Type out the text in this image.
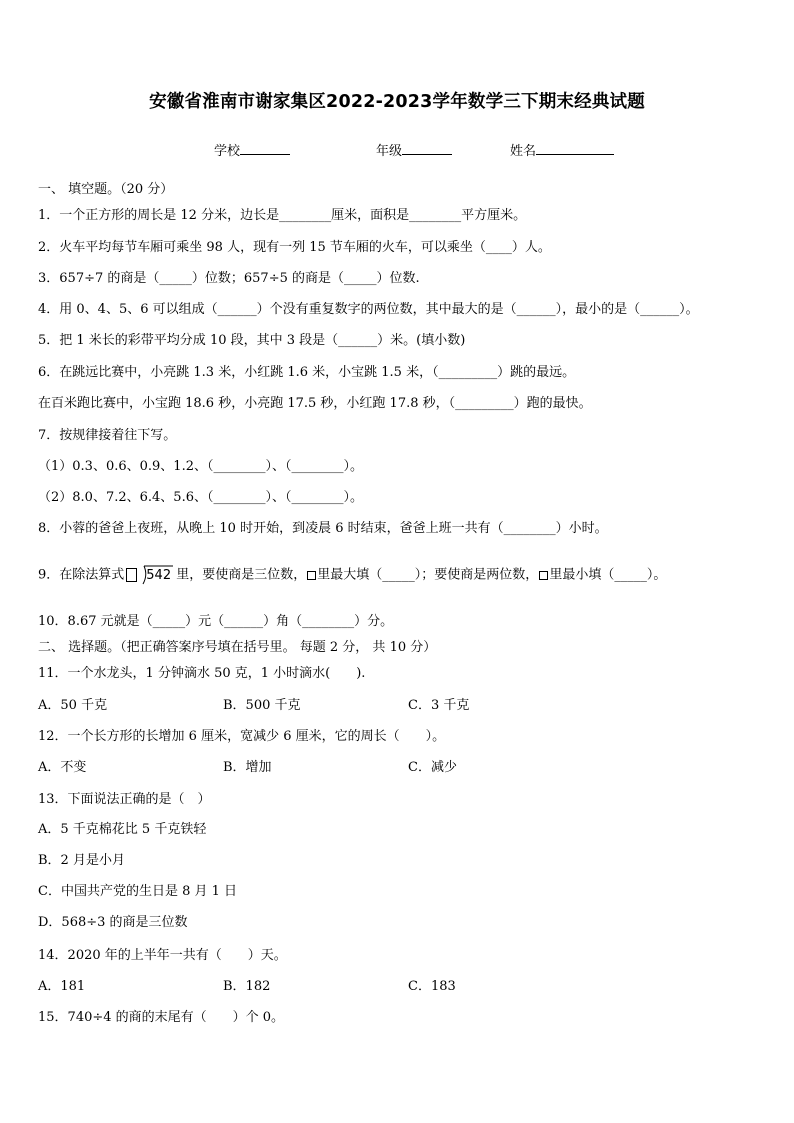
安徽省淮南市谢家集区2022-2023学年数学三下期末经典试题
学校	年级	姓名
一、 填空题。（20 分）
1．一个正方形的周长是 12 分米，边长是________厘米，面积是________平方厘米。
2．火车平均每节车厢可乘坐 98 人，现有一列 15 节车厢的火车，可以乘坐（____）人。
3．657÷7 的商是（_____）位数；657÷5 的商是（_____）位数.
4．用 0、4、5、6 可以组成（______）个没有重复数字的两位数，其中最大的是（______），最小的是（______）。
5．把 1 米长的彩带平均分成 10 段，其中 3 段是（______）米。(填小数)
6．在跳远比赛中，小亮跳 1.3 米，小红跳 1.6 米，小宝跳 1.5 米，（_________）跳的最远。
在百米跑比赛中，小宝跑 18.6 秒，小亮跑 17.5 秒，小红跑 17.8 秒，（_________）跑的最快。
7．按规律接着往下写。
（1）0.3、0.6、0.9、1.2、（________）、（________）。
（2）8.0、7.2、6.4、5.6、（________）、（________）。
8．小蓉的爸爸上夜班，从晚上 10 时开始，到凌晨 6 时结束，爸爸上班一共有（________）小时。
9．在除法算式 542 里，要使商是三位数， 里最大填（_____）；要使商是两位数， 里最小填（_____）。
10．8.67 元就是（_____）元（______）角（________）分。
二、 选择题。（把正确答案序号填在括号里。 每题 2 分， 共 10 分）
11．一个水龙头，1 分钟滴水 50 克，1 小时滴水(　　).
A．50 千克	B．500 千克	C．3 千克
12．一个长方形的长增加 6 厘米，宽减少 6 厘米，它的周长（　　）。
A．不变	B．增加	C．减少
13．下面说法正确的是（　）
A．5 千克棉花比 5 千克铁轻
B．2 月是小月
C．中国共产党的生日是 8 月 1 日
D．568÷3 的商是三位数
14．2020 年的上半年一共有（　　）天。
A．181	B．182	C．183
15．740÷4 的商的末尾有（　　）个 0。
